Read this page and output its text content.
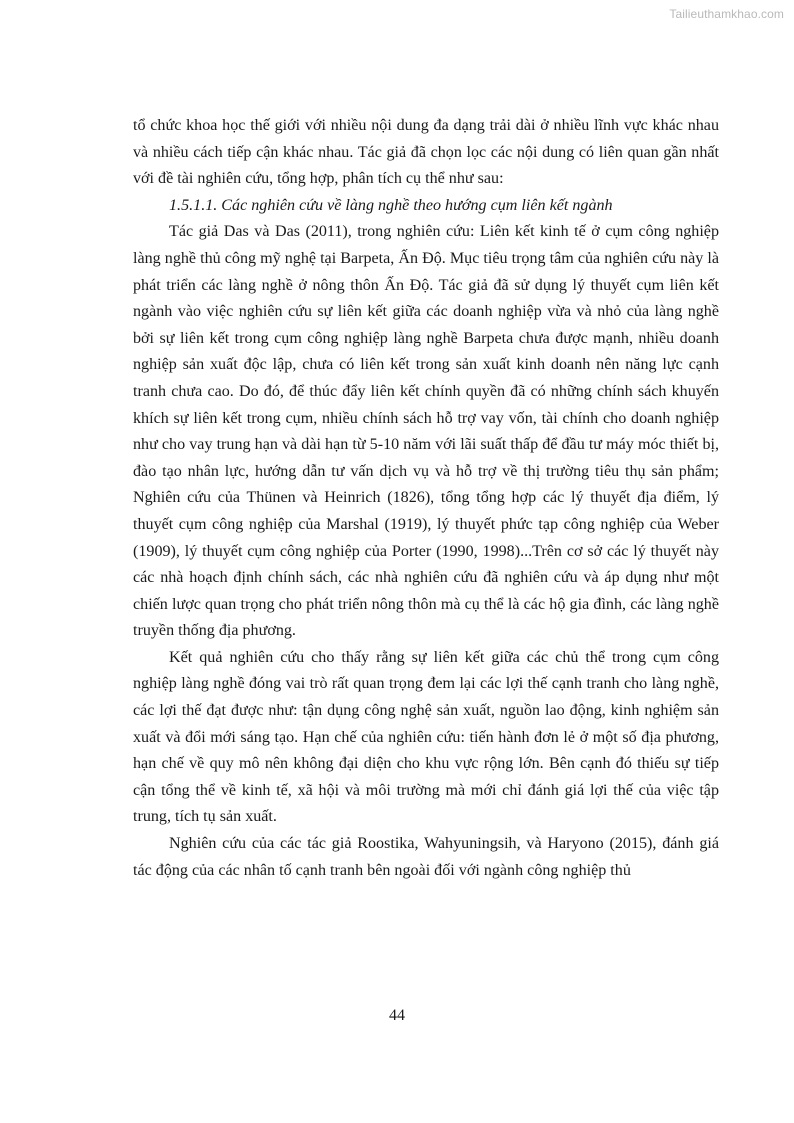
Tailieuthamkhao.com

tổ chức khoa học thế giới với nhiều nội dung đa dạng trải dài ở nhiều lĩnh vực khác nhau và nhiều cách tiếp cận khác nhau. Tác giả đã chọn lọc các nội dung có liên quan gần nhất với đề tài nghiên cứu, tổng hợp, phân tích cụ thể như sau:

1.5.1.1. Các nghiên cứu về làng nghề theo hướng cụm liên kết ngành

Tác giả Das và Das (2011), trong nghiên cứu: Liên kết kinh tế ở cụm công nghiệp làng nghề thủ công mỹ nghệ tại Barpeta, Ấn Độ. Mục tiêu trọng tâm của nghiên cứu này là phát triển các làng nghề ở nông thôn Ấn Độ. Tác giả đã sử dụng lý thuyết cụm liên kết ngành vào việc nghiên cứu sự liên kết giữa các doanh nghiệp vừa và nhỏ của làng nghề bởi sự liên kết trong cụm công nghiệp làng nghề Barpeta chưa được mạnh, nhiều doanh nghiệp sản xuất độc lập, chưa có liên kết trong sản xuất kinh doanh nên năng lực cạnh tranh chưa cao. Do đó, để thúc đẩy liên kết chính quyền đã có những chính sách khuyến khích sự liên kết trong cụm, nhiều chính sách hỗ trợ vay vốn, tài chính cho doanh nghiệp như cho vay trung hạn và dài hạn từ 5-10 năm với lãi suất thấp để đầu tư máy móc thiết bị, đào tạo nhân lực, hướng dẫn tư vấn dịch vụ và hỗ trợ về thị trường tiêu thụ sản phẩm; Nghiên cứu của Thünen và Heinrich (1826), tổng tổng hợp các lý thuyết địa điểm, lý thuyết cụm công nghiệp của Marshal (1919), lý thuyết phức tạp công nghiệp của Weber (1909), lý thuyết cụm công nghiệp của Porter (1990, 1998)...Trên cơ sở các lý thuyết này các nhà hoạch định chính sách, các nhà nghiên cứu đã nghiên cứu và áp dụng như một chiến lược quan trọng cho phát triển nông thôn mà cụ thể là các hộ gia đình, các làng nghề truyền thống địa phương.

Kết quả nghiên cứu cho thấy rằng sự liên kết giữa các chủ thể trong cụm công nghiệp làng nghề đóng vai trò rất quan trọng đem lại các lợi thế cạnh tranh cho làng nghề, các lợi thế đạt được như: tận dụng công nghệ sản xuất, nguồn lao động, kinh nghiệm sản xuất và đổi mới sáng tạo. Hạn chế của nghiên cứu: tiến hành đơn lẻ ở một số địa phương, hạn chế về quy mô nên không đại diện cho khu vực rộng lớn. Bên cạnh đó thiếu sự tiếp cận tổng thể về kinh tế, xã hội và môi trường mà mới chỉ đánh giá lợi thế của việc tập trung, tích tụ sản xuất.

Nghiên cứu của các tác giả Roostika, Wahyuningsih, và Haryono (2015), đánh giá tác động của các nhân tố cạnh tranh bên ngoài đối với ngành công nghiệp thủ

44
